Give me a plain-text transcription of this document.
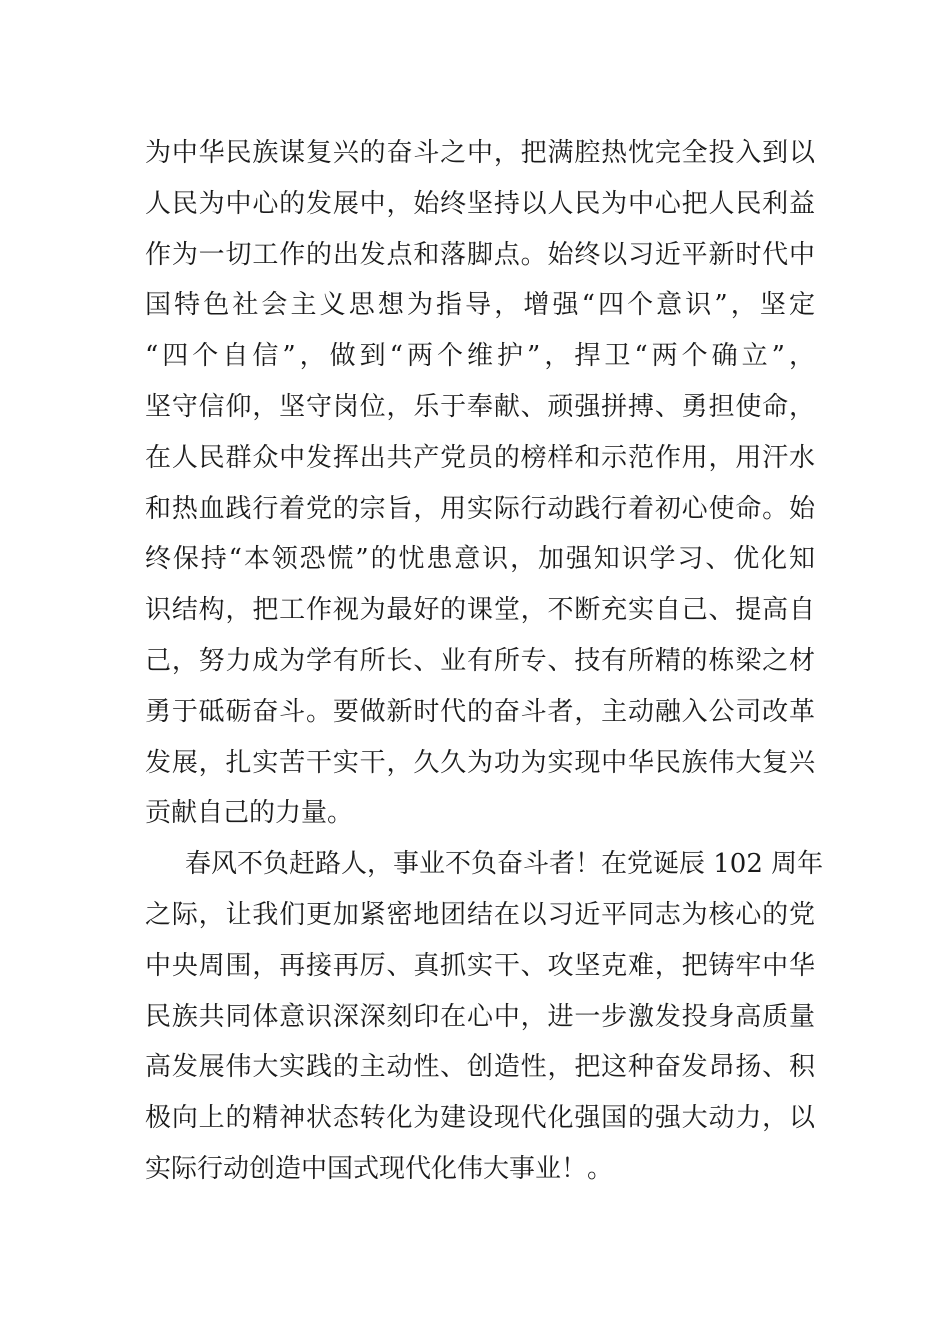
为中华民族谋复兴的奋斗之中，把满腔热忱完全投入到以
人民为中心的发展中，始终坚持以人民为中心把人民利益
作为一切工作的出发点和落脚点。始终以习近平新时代中
国特色社会主义思想为指导，增强“四个意识”，坚定
“四个自信”，做到“两个维护”，捍卫“两个确立”，
坚守信仰，坚守岗位，乐于奉献、顽强拼搏、勇担使命，
在人民群众中发挥出共产党员的榜样和示范作用，用汗水
和热血践行着党的宗旨，用实际行动践行着初心使命。始
终保持“本领恐慌”的忧患意识，加强知识学习、优化知
识结构，把工作视为最好的课堂，不断充实自己、提高自
己，努力成为学有所长、业有所专、技有所精的栋梁之材
勇于砥砺奋斗。要做新时代的奋斗者，主动融入公司改革
发展，扎实苦干实干，久久为功为实现中华民族伟大复兴
贡献自己的力量。
春风不负赶路人，事业不负奋斗者！在党诞辰 102 周年
之际，让我们更加紧密地团结在以习近平同志为核心的党
中央周围，再接再厉、真抓实干、攻坚克难，把铸牢中华
民族共同体意识深深刻印在心中，进一步激发投身高质量
高发展伟大实践的主动性、创造性，把这种奋发昂扬、积
极向上的精神状态转化为建设现代化强国的强大动力，以
实际行动创造中国式现代化伟大事业！。
